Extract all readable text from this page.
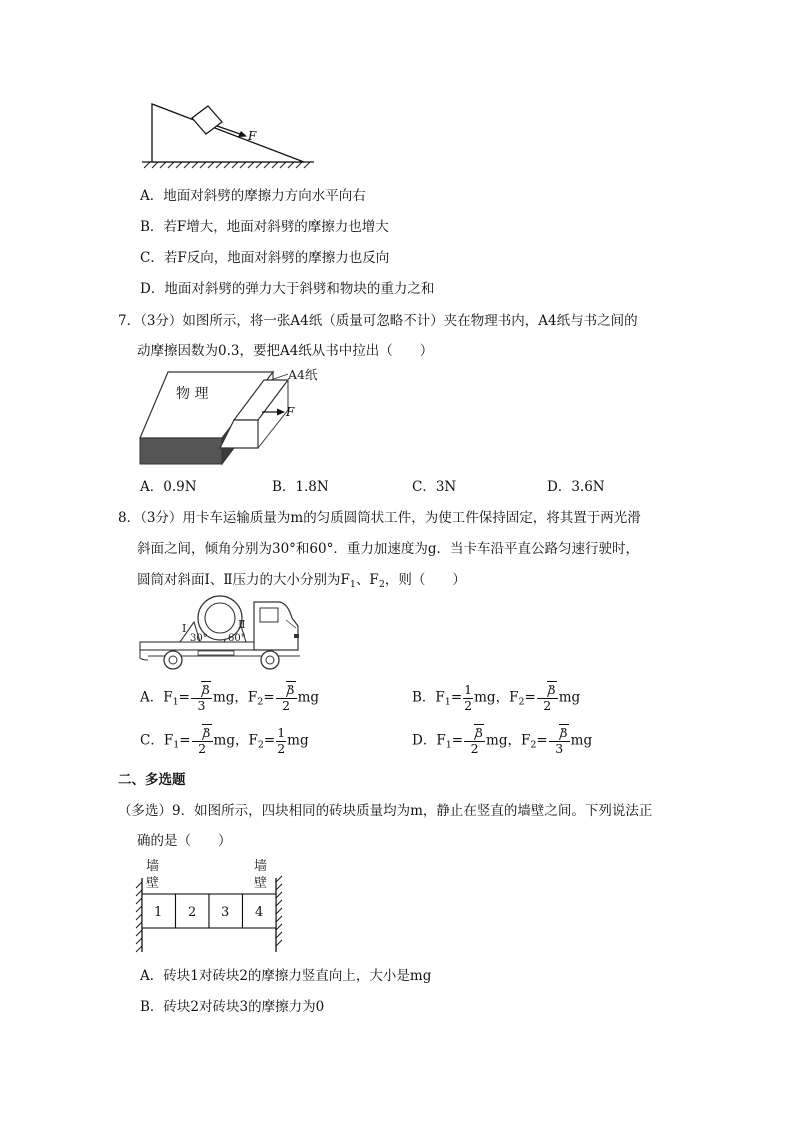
F
A．地面对斜劈的摩擦力方向水平向右
B．若F增大，地面对斜劈的摩擦力也增大
C．若F反向，地面对斜劈的摩擦力也反向
D．地面对斜劈的弹力大于斜劈和物块的重力之和
7．（3分）如图所示，将一张A4纸（质量可忽略不计）夹在物理书内，A4纸与书之间的
动摩擦因数为0.3，要把A4纸从书中拉出（　　）
物 理
A4纸
F
A．0.9N	B．1.8N	C．3N	D．3.6N
8．（3分）用卡车运输质量为m的匀质圆筒状工件，为使工件保持固定，将其置于两光滑
斜面之间，倾角分别为30°和60°．重力加速度为g．当卡车沿平直公路匀速行驶时，
圆筒对斜面Ⅰ、Ⅱ压力的大小分别为$F_1$、$F_2$，则（　　）
Ⅰ
30°
Ⅱ
60°
A．$F_1= \frac{3}{3}$ mg，$F_2= \frac{3}{2}$ mg	B．$F_1= \frac{1}{2}$ mg，$F_2= \frac{3}{2}$ mg
C．$F_1= \frac{3}{2}$ mg，$F_2= \frac{1}{2}$ mg	D．$F_1= \frac{3}{2}$ mg，$F_2= \frac{3}{3}$ mg
二、多选题
（多选）9．如图所示，四块相同的砖块质量均为m，静止在竖直的墙壁之间。下列说法正
确的是（　　）
墙
壁
墙
壁
1 2 3 4
A．砖块1对砖块2的摩擦力竖直向上，大小是mg
B．砖块2对砖块3的摩擦力为0
